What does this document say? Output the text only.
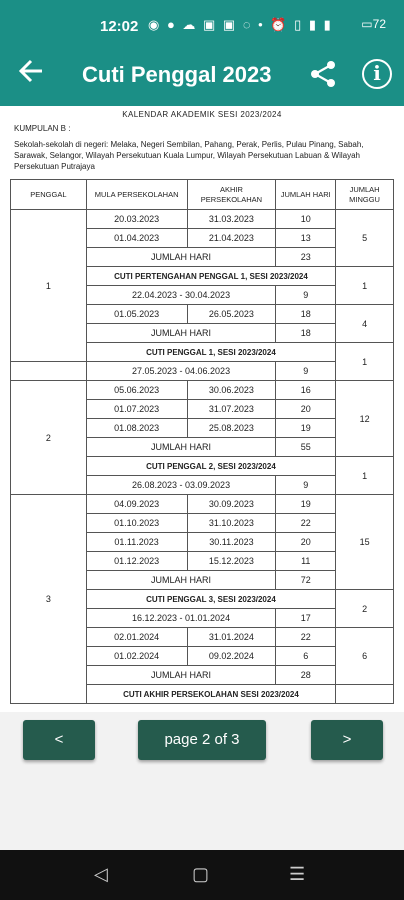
12:02 ◉ ● ☁ ▣ ▣ ◌ • ⏰ ▯ ▮ ▮ ▭72
Cuti Penggal 2023	i
KALENDAR AKADEMIK SESI 2023/2024
KUMPULAN B :
Sekolah-sekolah di negeri: Melaka, Negeri Sembilan, Pahang, Perak, Perlis, Pulau Pinang, Sabah, Sarawak, Selangor, Wilayah Persekutuan Kuala Lumpur, Wilayah Persekutuan Labuan & Wilayah Persekutuan Putrajaya
PENGGAL	MULA PERSEKOLAHAN	AKHIR PERSEKOLAHAN	JUMLAH HARI	JUMLAH MINGGU
1	20.03.2023	31.03.2023	10	5
	01.04.2023	21.04.2023	13	
	JUMLAH HARI		23	
	CUTI PERTENGAHAN PENGGAL 1, SESI 2023/2024			1
	22.04.2023 - 30.04.2023		9	
	01.05.2023	26.05.2023	18	4
	JUMLAH HARI		18	
	CUTI PENGGAL 1, SESI 2023/2024			1
	27.05.2023 - 04.06.2023		9	
2	05.06.2023	30.06.2023	16	12
	01.07.2023	31.07.2023	20	
	01.08.2023	25.08.2023	19	
	JUMLAH HARI		55	
	CUTI PENGGAL 2, SESI 2023/2024			1
	26.08.2023 - 03.09.2023		9	
3	04.09.2023	30.09.2023	19	15
	01.10.2023	31.10.2023	22	
	01.11.2023	30.11.2023	20	
	01.12.2023	15.12.2023	11	
	JUMLAH HARI		72	
	CUTI PENGGAL 3, SESI 2023/2024			2
	16.12.2023 - 01.01.2024		17	
	02.01.2024	31.01.2024	22	6
	01.02.2024	09.02.2024	6	
	JUMLAH HARI		28	
	CUTI AKHIR PERSEKOLAHAN SESI 2023/2024			
<	page 2 of 3	>
◁	▢	☰
